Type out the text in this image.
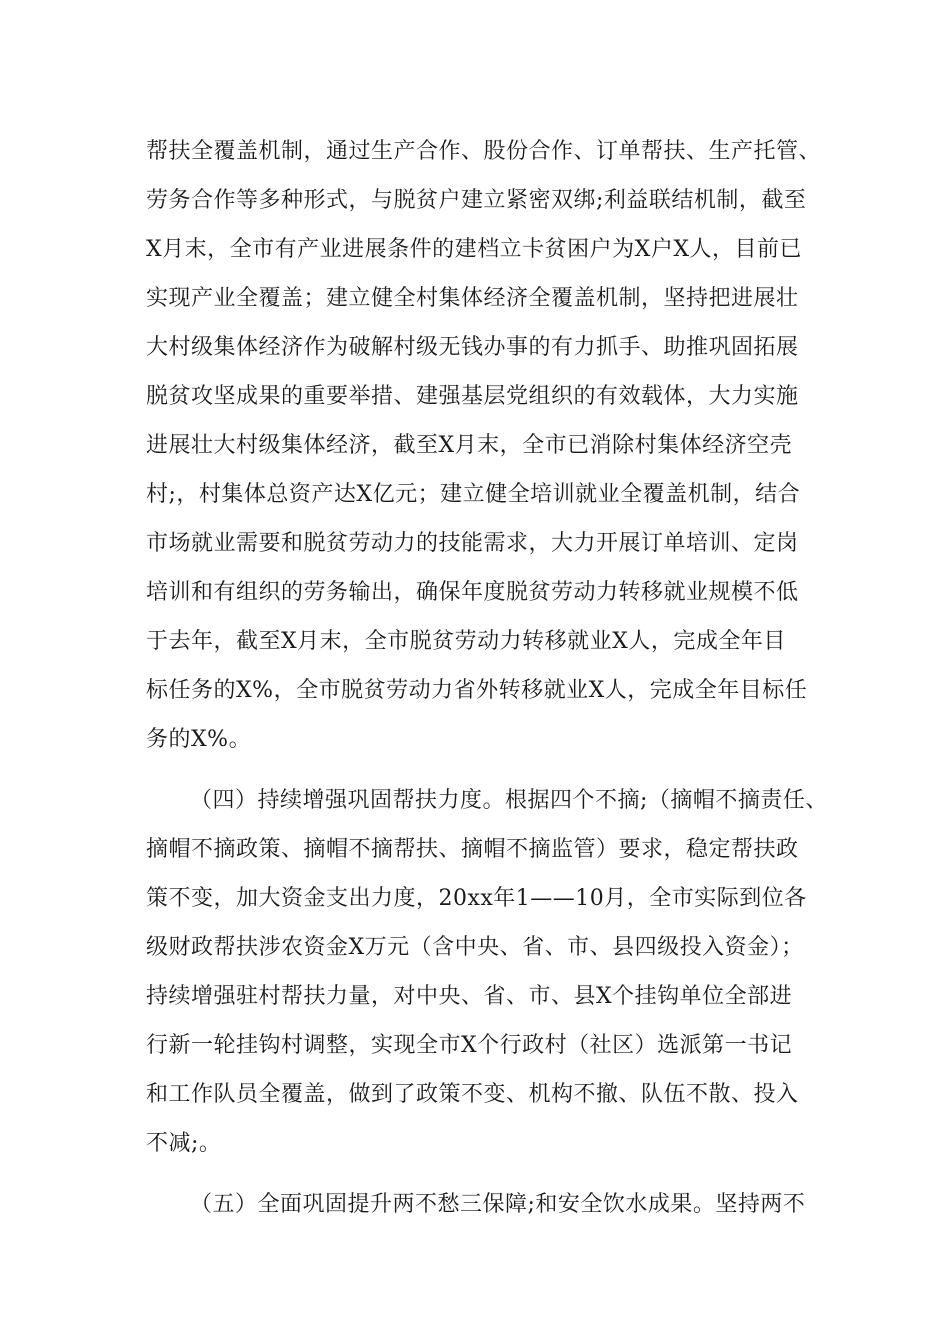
帮扶全覆盖机制，通过生产合作、股份合作、订单帮扶、生产托管、
劳务合作等多种形式，与脱贫户建立紧密双绑;利益联结机制，截至
X月末，全市有产业进展条件的建档立卡贫困户为X户X人，目前已
实现产业全覆盖；建立健全村集体经济全覆盖机制，坚持把进展壮
大村级集体经济作为破解村级无钱办事的有力抓手、助推巩固拓展
脱贫攻坚成果的重要举措、建强基层党组织的有效载体，大力实施
进展壮大村级集体经济，截至X月末，全市已消除村集体经济空壳
村;，村集体总资产达X亿元；建立健全培训就业全覆盖机制，结合
市场就业需要和脱贫劳动力的技能需求，大力开展订单培训、定岗
培训和有组织的劳务输出，确保年度脱贫劳动力转移就业规模不低
于去年，截至X月末，全市脱贫劳动力转移就业X人，完成全年目
标任务的X%，全市脱贫劳动力省外转移就业X人，完成全年目标任
务的X%。
（四）持续增强巩固帮扶力度。根据四个不摘;（摘帽不摘责任、
摘帽不摘政策、摘帽不摘帮扶、摘帽不摘监管）要求，稳定帮扶政
策不变，加大资金支出力度，20xx年1——10月，全市实际到位各
级财政帮扶涉农资金X万元（含中央、省、市、县四级投入资金）；
持续增强驻村帮扶力量，对中央、省、市、县X个挂钩单位全部进
行新一轮挂钩村调整，实现全市X个行政村（社区）选派第一书记
和工作队员全覆盖，做到了政策不变、机构不撤、队伍不散、投入
不减;。
（五）全面巩固提升两不愁三保障;和安全饮水成果。坚持两不
